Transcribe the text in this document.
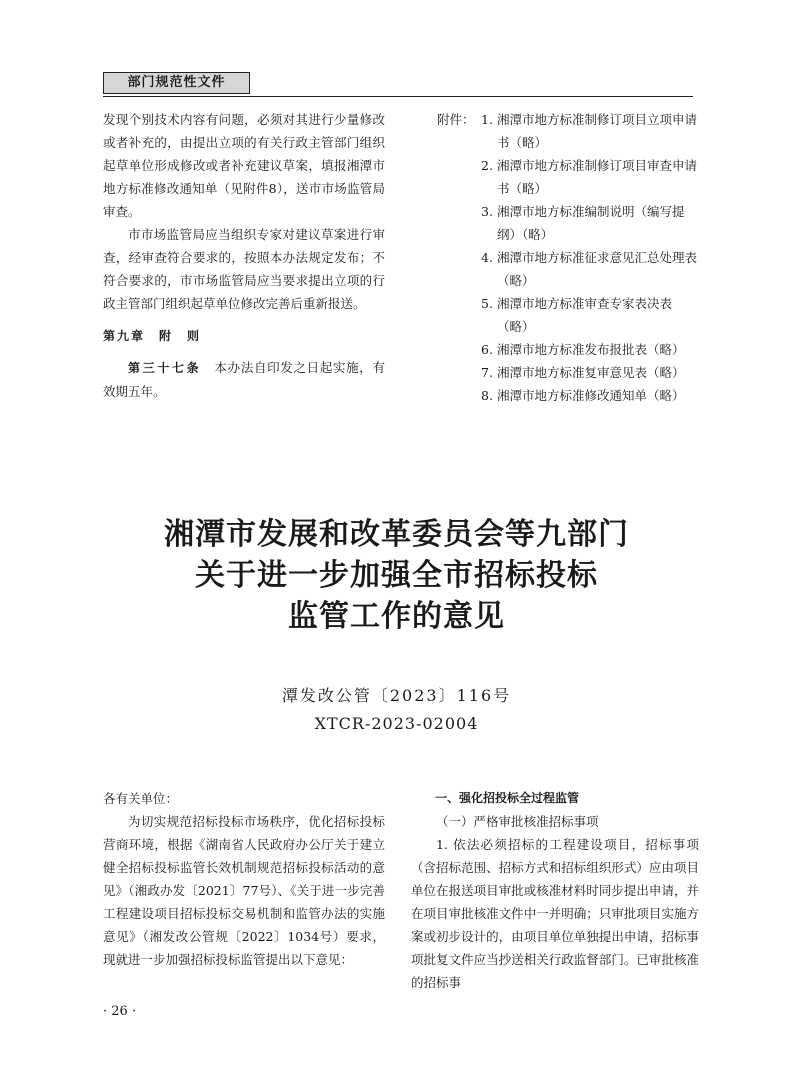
部门规范性文件

发现个别技术内容有问题，必须对其进行少量修改或者补充的，由提出立项的有关行政主管部门组织起草单位形成修改或者补充建议草案，填报湘潭市地方标准修改通知单（见附件8），送市市场监管局审查。

市市场监管局应当组织专家对建议草案进行审查，经审查符合要求的，按照本办法规定发布；不符合要求的，市市场监管局应当要求提出立项的行政主管部门组织起草单位修改完善后重新报送。

第九章　附　则

第三十七条　本办法自印发之日起实施，有效期五年。

附件： 1. 湘潭市地方标准制修订项目立项申请书（略）
2. 湘潭市地方标准制修订项目审查申请书（略）
3. 湘潭市地方标准编制说明（编写提纲）（略）
4. 湘潭市地方标准征求意见汇总处理表（略）
5. 湘潭市地方标准审查专家表决表（略）
6. 湘潭市地方标准发布报批表（略）
7. 湘潭市地方标准复审意见表（略）
8. 湘潭市地方标准修改通知单（略）
湘潭市发展和改革委员会等九部门
关于进一步加强全市招标投标
监管工作的意见
潭发改公管〔2023〕116号
XTCR-2023-02004

各有关单位：

为切实规范招标投标市场秩序，优化招标投标营商环境，根据《湖南省人民政府办公厅关于建立健全招标投标监管长效机制规范招标投标活动的意见》（湘政办发〔2021〕77号）、《关于进一步完善工程建设项目招标投标交易机制和监管办法的实施意见》（湘发改公管规〔2022〕1034号）要求，现就进一步加强招标投标监管提出以下意见：

一、强化招投标全过程监管

（一）严格审批核准招标事项

1. 依法必须招标的工程建设项目，招标事项（含招标范围、招标方式和招标组织形式）应由项目单位在报送项目审批或核准材料时同步提出申请，并在项目审批核准文件中一并明确；只审批项目实施方案或初步设计的，由项目单位单独提出申请，招标事项批复文件应当抄送相关行政监督部门。已审批核准的招标事

· 26 ·
